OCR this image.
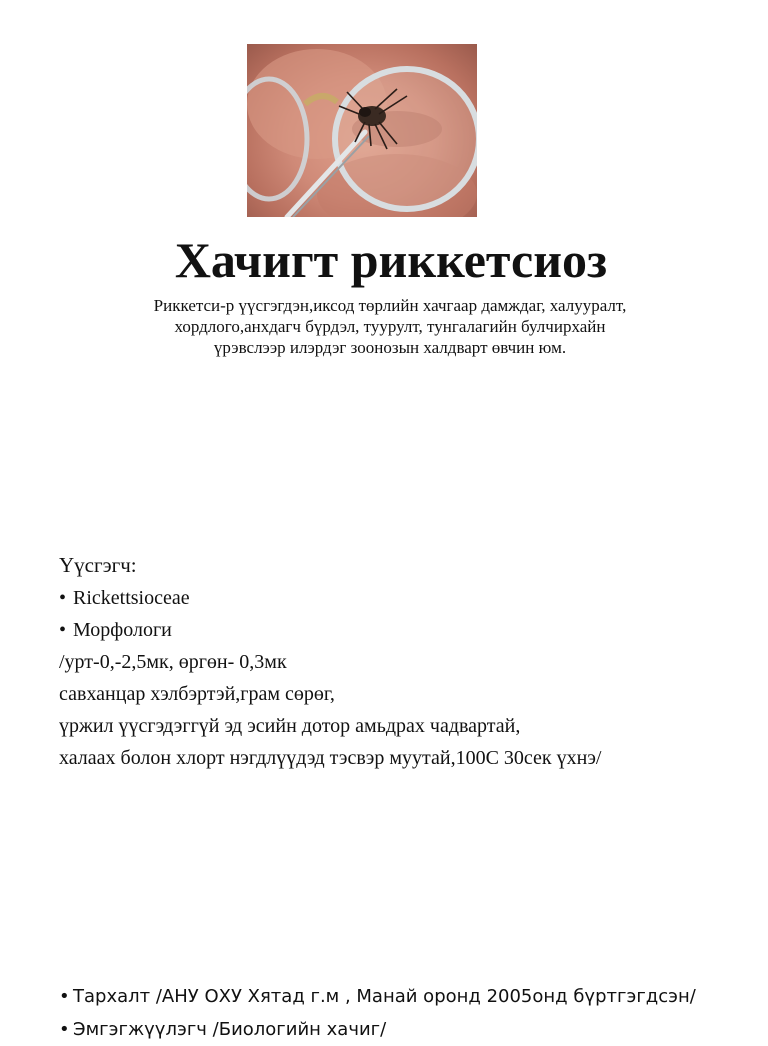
Хачигт риккетсиоз
Риккетси-р үүсгэгдэн,иксод төрлийн хачгаар дамждаг, халууралт,
хордлого,анхдагч бүрдэл, туурулт, тунгалагийн булчирхайн
үрэвслээр илэрдэг зоонозын халдварт өвчин юм.
Үүсгэгч:
• Rickettsioceae
• Морфологи
/урт-0,-2,5мк, өргөн- 0,3мк
савханцар хэлбэртэй,грам сөрөг,
үржил үүсгэдэггүй эд эсийн дотор амьдрах чадвартай,
халаах болон хлорт нэгдлүүдэд тэсвэр муутай,100С 30сек үхнэ/
• Тархалт /АНУ ОХУ Хятад г.м , Манай оронд 2005онд бүртгэгдсэн/
• Эмгэгжүүлэгч /Биологийн хачиг/
